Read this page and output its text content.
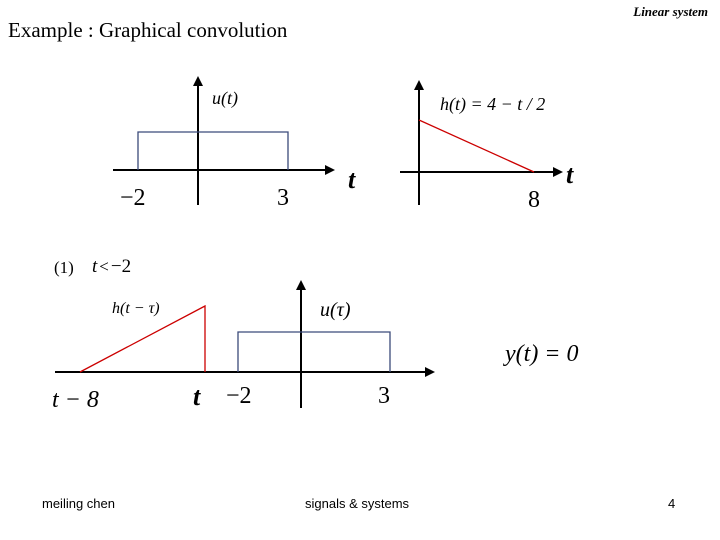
Example : Graphical convolution
Linear system
u(t)
−2	3
t
h(t) = 4 − t / 2
8
t
h(t − τ)	u(τ)
t − 8	t −2	3
y(t) = 0
(1) t < −2
meiling chen	signals & systems	4
